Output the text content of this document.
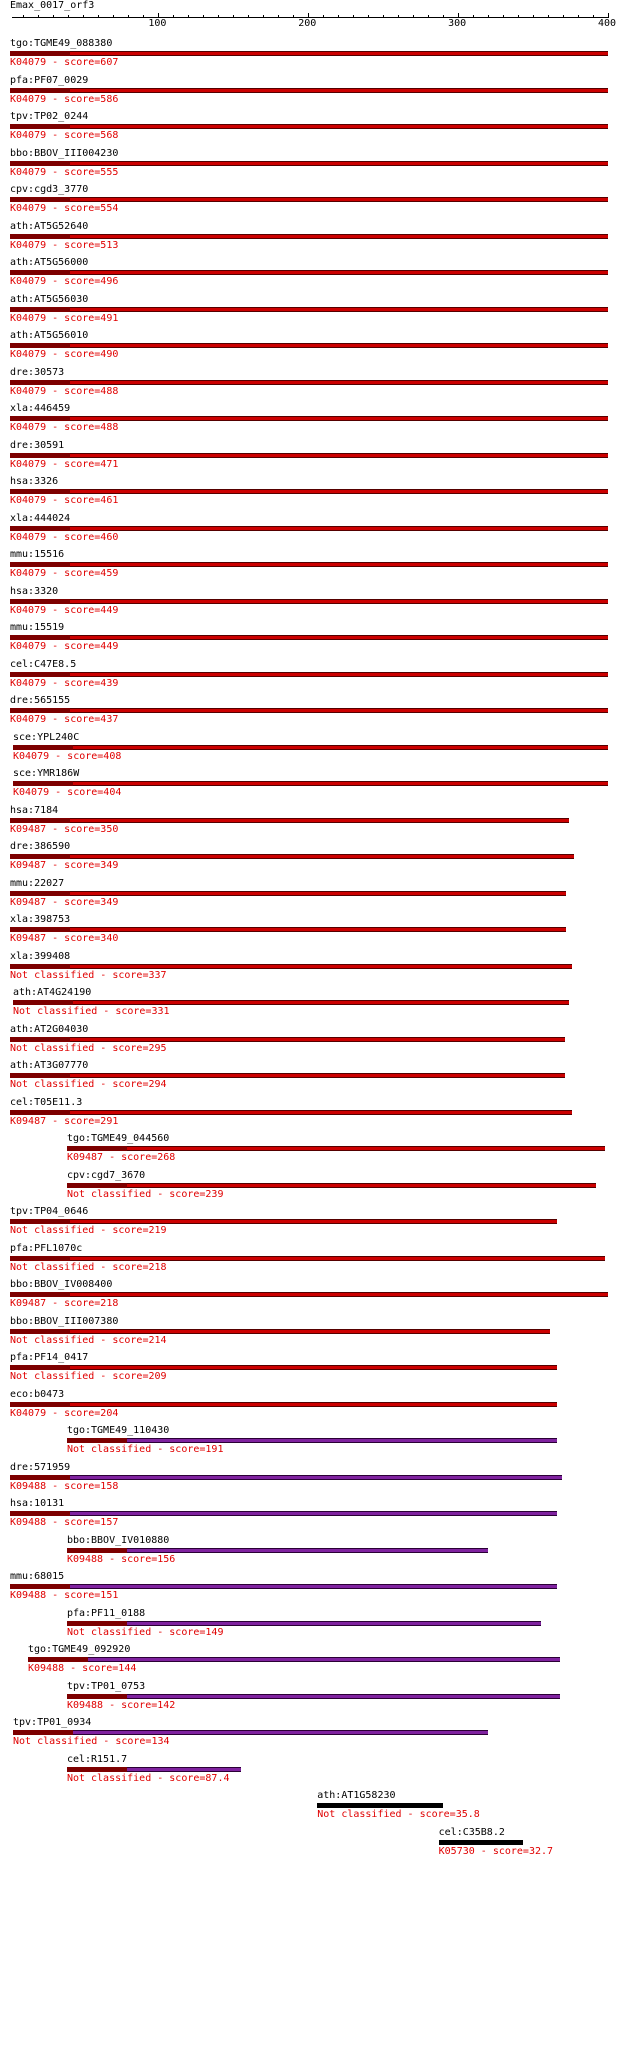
Emax_0017_orf3
100	200	300	400
tgo:TGME49_088380
K04079 - score=607
pfa:PF07_0029
K04079 - score=586
tpv:TP02_0244
K04079 - score=568
bbo:BBOV_III004230
K04079 - score=555
cpv:cgd3_3770
K04079 - score=554
ath:AT5G52640
K04079 - score=513
ath:AT5G56000
K04079 - score=496
ath:AT5G56030
K04079 - score=491
ath:AT5G56010
K04079 - score=490
dre:30573
K04079 - score=488
xla:446459
K04079 - score=488
dre:30591
K04079 - score=471
hsa:3326
K04079 - score=461
xla:444024
K04079 - score=460
mmu:15516
K04079 - score=459
hsa:3320
K04079 - score=449
mmu:15519
K04079 - score=449
cel:C47E8.5
K04079 - score=439
dre:565155
K04079 - score=437
sce:YPL240C
K04079 - score=408
sce:YMR186W
K04079 - score=404
hsa:7184
K09487 - score=350
dre:386590
K09487 - score=349
mmu:22027
K09487 - score=349
xla:398753
K09487 - score=340
xla:399408
Not classified - score=337
ath:AT4G24190
Not classified - score=331
ath:AT2G04030
Not classified - score=295
ath:AT3G07770
Not classified - score=294
cel:T05E11.3
K09487 - score=291
tgo:TGME49_044560
K09487 - score=268
cpv:cgd7_3670
Not classified - score=239
tpv:TP04_0646
Not classified - score=219
pfa:PFL1070c
Not classified - score=218
bbo:BBOV_IV008400
K09487 - score=218
bbo:BBOV_III007380
Not classified - score=214
pfa:PF14_0417
Not classified - score=209
eco:b0473
K04079 - score=204
tgo:TGME49_110430
Not classified - score=191
dre:571959
K09488 - score=158
hsa:10131
K09488 - score=157
bbo:BBOV_IV010880
K09488 - score=156
mmu:68015
K09488 - score=151
pfa:PF11_0188
Not classified - score=149
tgo:TGME49_092920
K09488 - score=144
tpv:TP01_0753
K09488 - score=142
tpv:TP01_0934
Not classified - score=134
cel:R151.7
Not classified - score=87.4
ath:AT1G58230
Not classified - score=35.8
cel:C35B8.2
K05730 - score=32.7
